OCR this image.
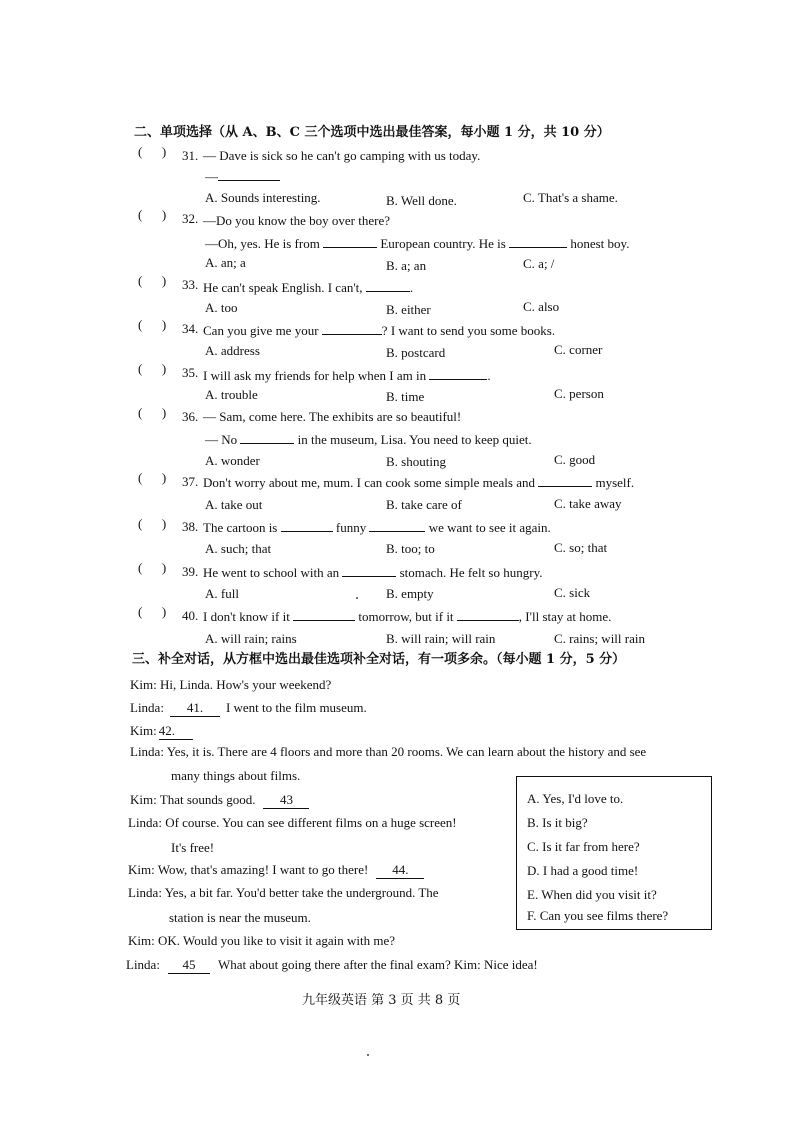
二、单项选择（从 A、B、C 三个选项中选出最佳答案，每小题 1 分，共 10 分）
(      ) 31. — Dave is sick so he can't go camping with us today.
—
A. Sounds interesting.	B. Well done.	C. That's a shame.
(      ) 32. —Do you know the boy over there?
—Oh, yes. He is from	European country. He is	honest boy.
A. an; a	B. a; an	C. a; /
(      ) 33. He can't speak English. I can't,	.
A. too	B. either	C. also
(      ) 34. Can you give me your	? I want to send you some books.
A. address	B. postcard	C. corner
(      ) 35. I will ask my friends for help when I am in	.
A. trouble	B. time	C. person
(      ) 36. — Sam, come here. The exhibits are so beautiful!
— No	in the museum, Lisa. You need to keep quiet.
A. wonder	B. shouting	C. good
(      ) 37. Don't worry about me, mum. I can cook some simple meals and	myself.
A. take out	B. take care of	C. take away
(      ) 38. The cartoon is	funny	we want to see it again.
A. such; that	B. too; to	C. so; that
(      ) 39. He went to school with an	stomach. He felt so hungry.
A. full	B. empty	C. sick
(      ) 40. I don't know if it	tomorrow, but if it	, I'll stay at home.
A. will rain; rains	B. will rain; will rain	C. rains; will rain
三、补全对话，从方框中选出最佳选项补全对话，有一项多余。（每小题 1 分，5 分）
Kim: Hi, Linda. How's your weekend?
Linda: 41. I went to the film museum.
Kim: 42.
Linda: Yes, it is. There are 4 floors and more than 20 rooms. We can learn about the history and see
many things about films.
Kim: That sounds good. 43
Linda: Of course. You can see different films on a huge screen!
It's free!
Kim: Wow, that's amazing! I want to go there! 44.
Linda: Yes, a bit far. You'd better take the underground. The
station is near the museum.
Kim: OK. Would you like to visit it again with me?
Linda: 45 What about going there after the final exam? Kim: Nice idea!
A. Yes, I'd love to.
B. Is it big?
C. Is it far from here?
D. I had a good time!
E. When did you visit it?
F. Can you see films there?
九年级英语 第 3 页 共 8 页
